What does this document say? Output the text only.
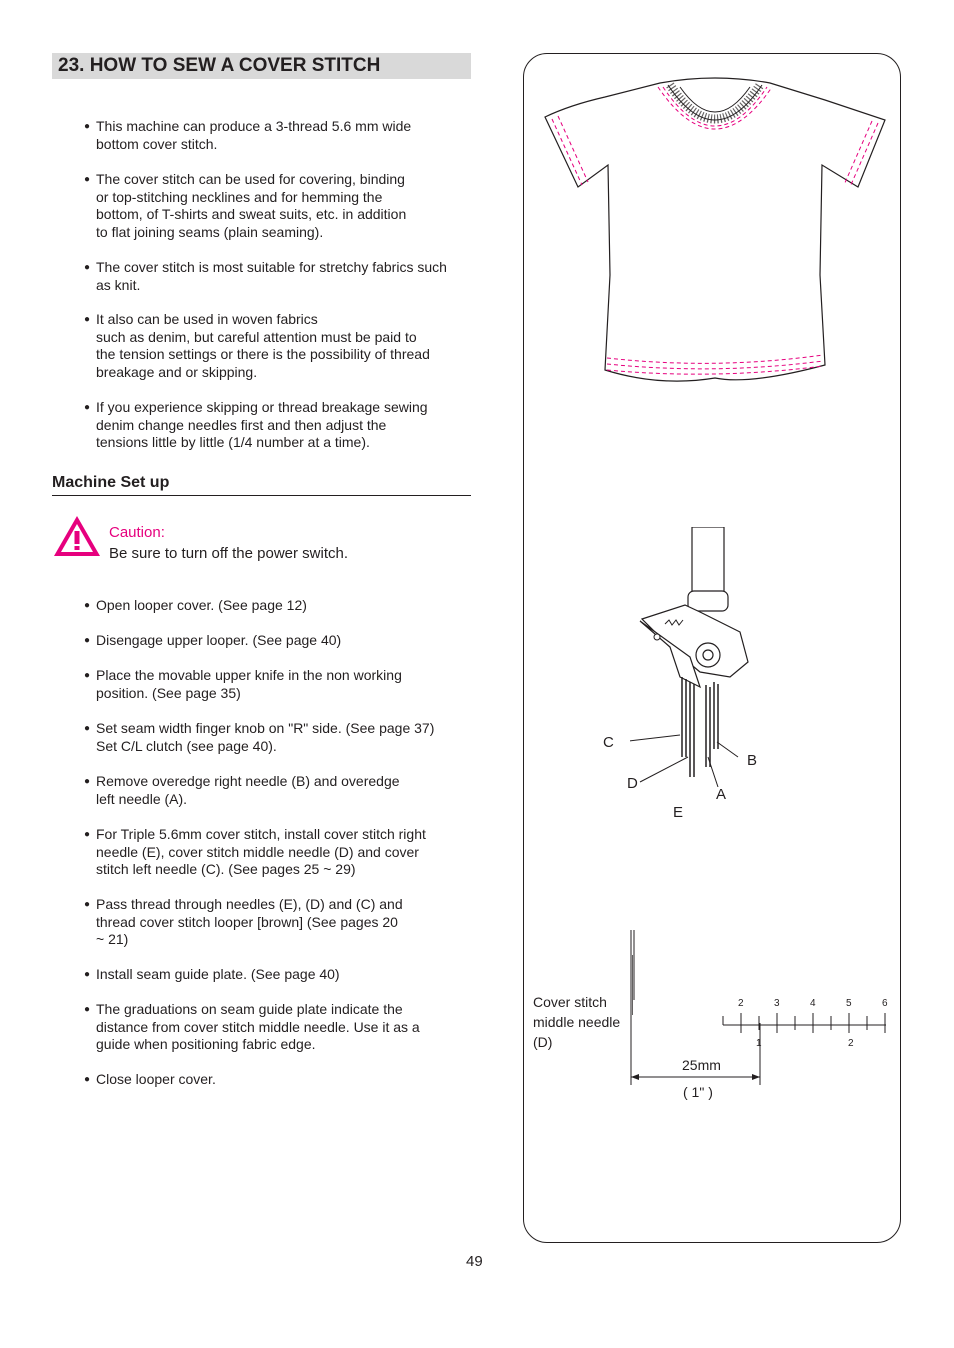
23. HOW TO SEW A COVER STITCH
● This machine can produce a 3-thread 5.6 mm wide
bottom cover stitch.
● The cover stitch can be used for covering, binding
or top-stitching necklines and for hemming the
bottom, of T-shirts and sweat suits, etc. in addition
to flat joining seams (plain seaming).
● The cover stitch is most suitable for stretchy fabrics such
as knit.
● It also can be used in woven fabrics
such as denim, but careful attention must be paid to
the tension settings or there is the possibility of thread
breakage and or skipping.
● If you experience skipping or thread breakage sewing
denim change needles first and then adjust the
tensions little by little (1/4 number at a time).
Machine Set up
Caution:
Be sure to turn off the power switch.
● Open looper cover. (See page 12)
● Disengage upper looper. (See page 40)
● Place the movable upper knife in the non working
position. (See page 35)
● Set seam width finger knob on "R" side. (See page 37)
Set C/L clutch (see page 40).
● Remove overedge right needle (B) and overedge
left needle (A).
● For Triple 5.6mm cover stitch, install cover stitch right
needle (E), cover stitch middle needle (D) and cover
stitch left needle (C). (See pages 25 ~ 29)
● Pass thread through needles (E), (D) and (C) and
thread cover stitch looper [brown] (See pages 20
~ 21)
● Install seam guide plate. (See page 40)
● The graduations on seam guide plate indicate the
distance from cover stitch middle needle. Use it as a
guide when positioning fabric edge.
● Close looper cover.
C
D
E
A
B
Cover stitch
middle needle
(D)
2	3	4	5	6
1	2
25mm
( 1" )
49
